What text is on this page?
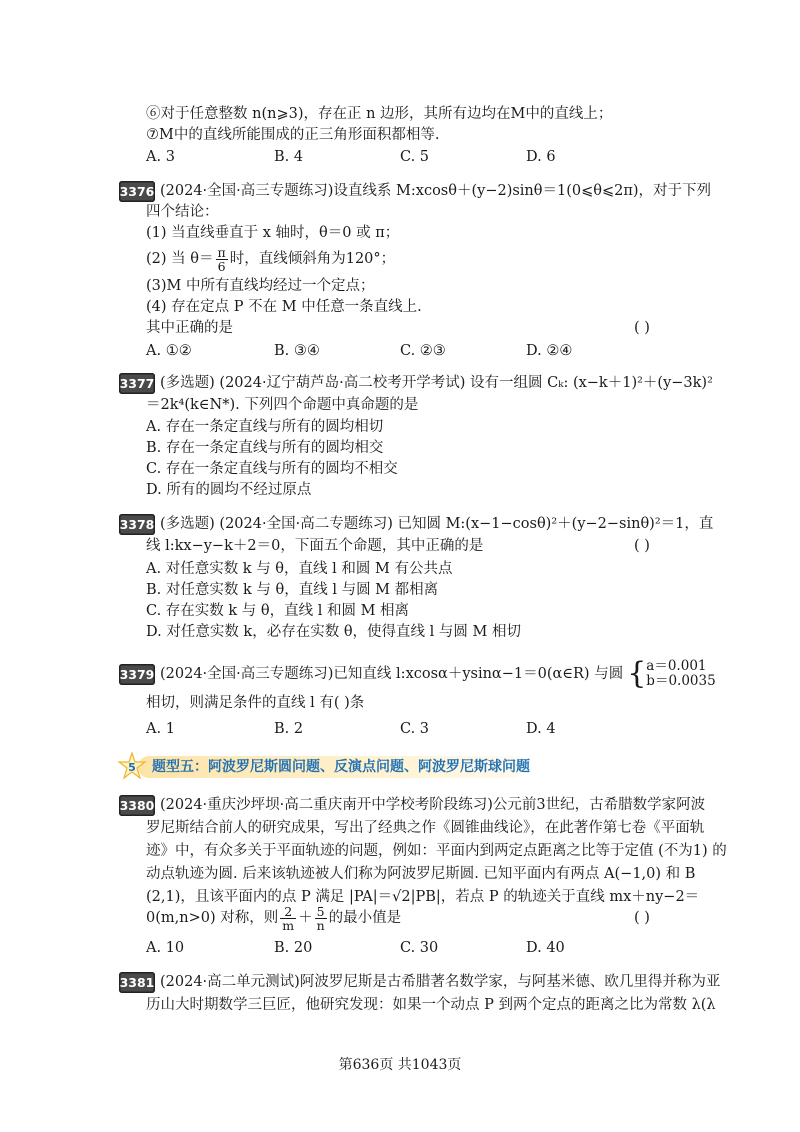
⑥对于任意整数 n(n⩾3)，存在正 n 边形，其所有边均在M中的直线上；
⑦M中的直线所能围成的正三角形面积都相等.
A. 3	B. 4	C. 5	D. 6
3376 (2024·全国·高三专题练习)设直线系 M:xcosθ＋(y−2)sinθ＝1(0⩽θ⩽2π)，对于下列
四个结论：
(1) 当直线垂直于 x 轴时，θ＝0 或 π；
(2) 当 $\theta= \frac{\pi}{6}$ 时，直线倾斜角为120°；
(3)M 中所有直线均经过一个定点；
(4) 存在定点 P 不在 M 中任意一条直线上.
其中正确的是	( )
A. ①②	B. ③④	C. ②③	D. ②④
3377 (多选题) (2024·辽宁葫芦岛·高二校考开学考试) 设有一组圆 Cₖ: (x−k＋1)²＋(y−3k)²
＝2k⁴(k∈N*). 下列四个命题中真命题的是
A. 存在一条定直线与所有的圆均相切
B. 存在一条定直线与所有的圆均相交
C. 存在一条定直线与所有的圆均不相交
D. 所有的圆均不经过原点
3378 (多选题) (2024·全国·高二专题练习) 已知圆 M:(x−1−cosθ)²＋(y−2−sinθ)²＝1，直
线 l:kx−y−k＋2＝0，下面五个命题，其中正确的是	( )
A. 对任意实数 k 与 θ，直线 l 和圆 M 有公共点
B. 对任意实数 k 与 θ，直线 l 与圆 M 都相离
C. 存在实数 k 与 θ，直线 l 和圆 M 相离
D. 对任意实数 k，必存在实数 θ，使得直线 l 与圆 M 相切
3379 (2024·全国·高三专题练习)已知直线 l:xcosα＋ysinα−1＝0(α∈R) 与圆 { a＝0.001
b＝0.0035
相切，则满足条件的直线 l 有( )条
A. 1	B. 2	C. 3	D. 4
5 题型五：阿波罗尼斯圆问题、反演点问题、阿波罗尼斯球问题
3380 (2024·重庆沙坪坝·高二重庆南开中学校考阶段练习)公元前3世纪，古希腊数学家阿波
罗尼斯结合前人的研究成果，写出了经典之作《圆锥曲线论》，在此著作第七卷《平面轨
迹》中，有众多关于平面轨迹的问题，例如：平面内到两定点距离之比等于定值 (不为1) 的
动点轨迹为圆. 后来该轨迹被人们称为阿波罗尼斯圆. 已知平面内有两点 A(−1,0) 和 B
(2,1)，且该平面内的点 P 满足 |PA|＝√2|PB|，若点 P 的轨迹关于直线 mx＋ny−2＝
0(m,n>0) 对称，则 $\frac{2}{m} + \frac{5}{n}$ 的最小值是	( )
A. 10	B. 20	C. 30	D. 40
3381 (2024·高二单元测试)阿波罗尼斯是古希腊著名数学家，与阿基米德、欧几里得并称为亚
历山大时期数学三巨匠，他研究发现：如果一个动点 P 到两个定点的距离之比为常数 λ(λ
第636页 共1043页
